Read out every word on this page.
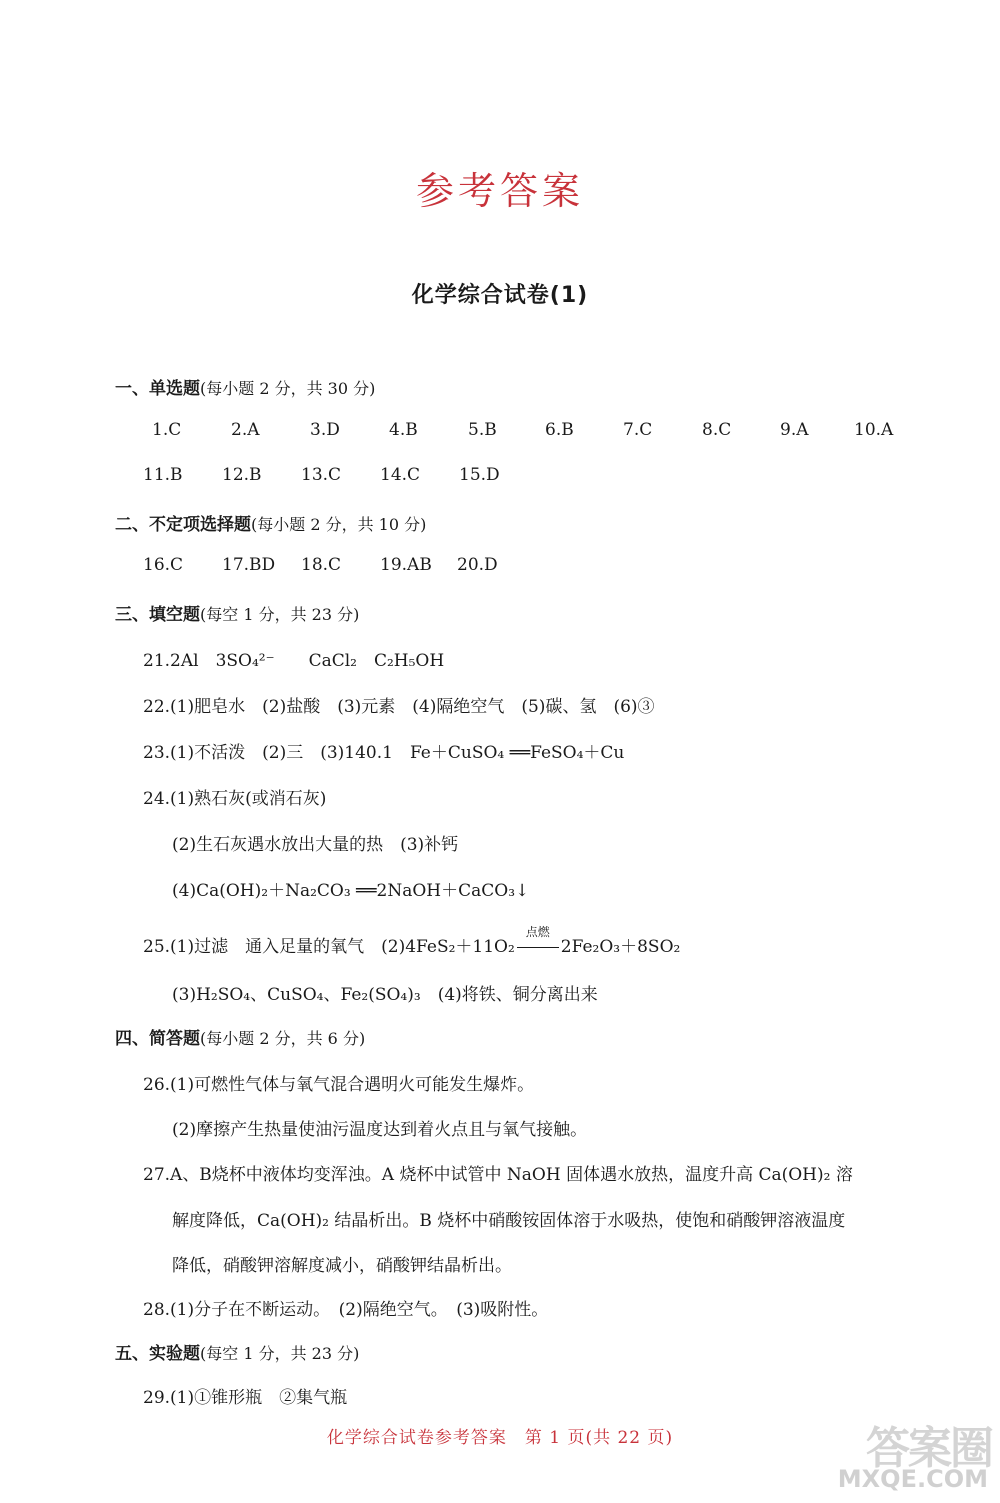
参考答案
化学综合试卷(1)
一、单选题(每小题 2 分，共 30 分)
1.C	2.A	3.D	4.B	5.B	6.B	7.C	8.C	9.A	10.A
11.B 12.B 13.C 14.C 15.D
二、不定项选择题(每小题 2 分，共 10 分)
16.C 17.BD 18.C 19.AB 20.D
三、填空题(每空 1 分，共 23 分)
21.2Al　3SO₄²⁻　　CaCl₂　C₂H₅OH
22.(1)肥皂水　(2)盐酸　(3)元素　(4)隔绝空气　(5)碳、氢　(6)③
23.(1)不活泼　(2)三　(3)140.1　Fe＋CuSO₄ ══FeSO₄＋Cu
24.(1)熟石灰(或消石灰)
(2)生石灰遇水放出大量的热　(3)补钙
(4)Ca(OH)₂＋Na₂CO₃ ══2NaOH＋CaCO₃↓
25.(1)过滤　通入足量的氧气　(2)4FeS₂＋11O₂
点燃
2Fe₂O₃＋8SO₂
(3)H₂SO₄、CuSO₄、Fe₂(SO₄)₃　(4)将铁、铜分离出来
四、简答题(每小题 2 分，共 6 分)
26.(1)可燃性气体与氧气混合遇明火可能发生爆炸。
(2)摩擦产生热量使油污温度达到着火点且与氧气接触。
27.A、B烧杯中液体均变浑浊。A 烧杯中试管中 NaOH 固体遇水放热，温度升高 Ca(OH)₂ 溶
解度降低，Ca(OH)₂ 结晶析出。B 烧杯中硝酸铵固体溶于水吸热，使饱和硝酸钾溶液温度
降低，硝酸钾溶解度减小，硝酸钾结晶析出。
28.(1)分子在不断运动。　(2)隔绝空气。　(3)吸附性。
五、实验题(每空 1 分，共 23 分)
29.(1)①锥形瓶　②集气瓶
化学综合试卷参考答案　第 1 页(共 22 页)	答案圈
MXQE.COM
